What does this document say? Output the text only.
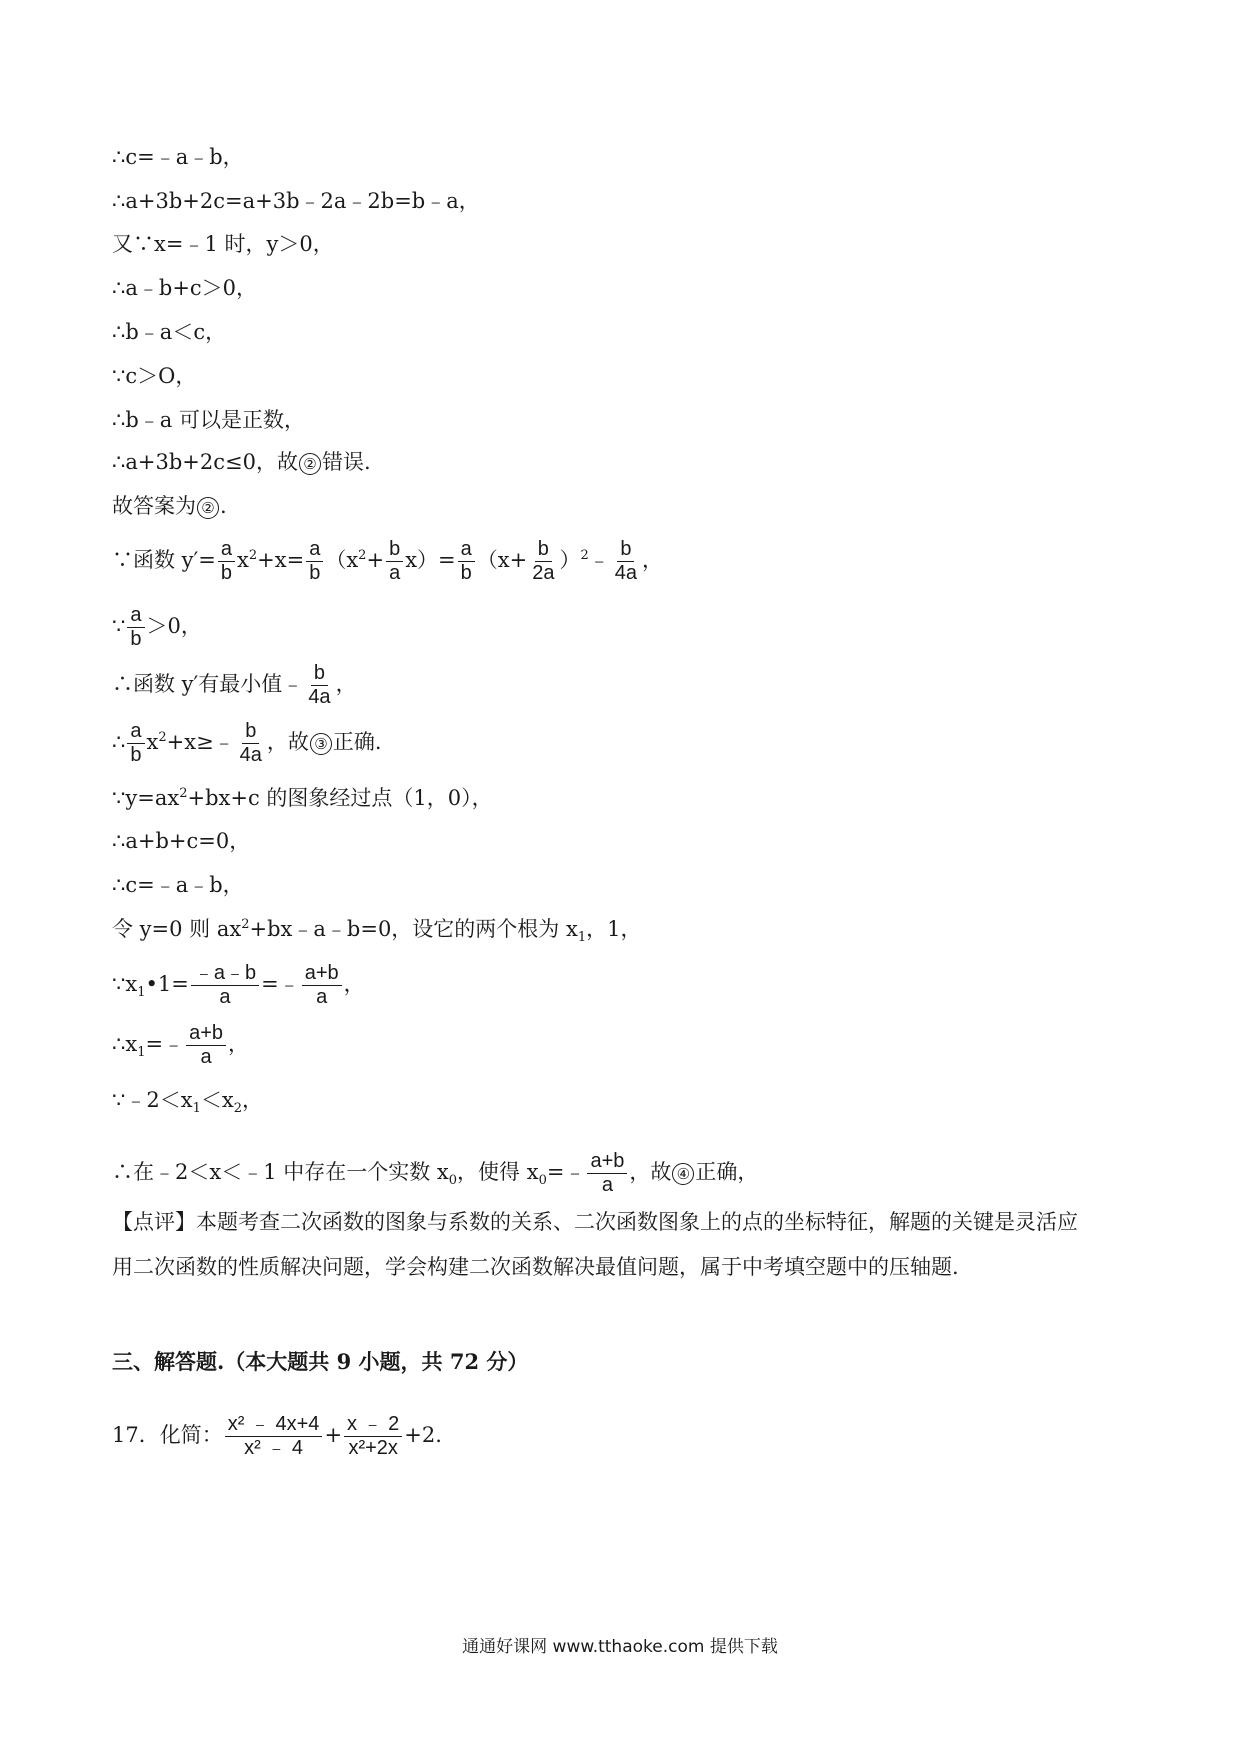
∴c=﹣a﹣b，
∴a+3b+2c=a+3b﹣2a﹣2b=b﹣a，
又∵x=﹣1 时，y＞0，
∴a﹣b+c＞0，
∴b﹣a＜c，
∵c＞O，
∴b﹣a 可以是正数，
∴a+3b+2c≤0，故 ② 错误.
故答案为 ② .
∵函数 $y'= \frac{a}{b} x^2+x= \frac{a}{b} (x^2+ \frac{b}{a} x)= \frac{a}{b} (x+ \frac{b}{2a}$ ）$^2﹣ \frac{b}{4a}$ ，
∵ $\frac{a}{b} >0$，
∴函数 y′有最小值﹣ $\frac{b}{4a}$ ，
∴ $\frac{a}{b}$ $x^2+x\ge﹣ \frac{b}{4a}$ ，故 ③ 正确.
$\because y=ax^2+bx+c$ 的图象经过点（1，0），
∴a+b+c=0，
∴c=﹣a﹣b，
令 y=0 则 $ax^2+bx﹣a﹣b=0$，设它的两个根为 $x_1$，1，
$\because x_1•1= \frac{﹣a﹣b}{a}$ =﹣ $\frac{a+b}{a}$ ，
$\therefore x_1=﹣ \frac{a+b}{a}$ ，
$\because﹣2<x_1<x_2$，
∴在﹣2＜x＜﹣1 中存在一个实数 $x_0$，使得 $x_0=﹣ \frac{a+b}{a}$ ，故 ④ 正确，
【点评】本题考查二次函数的图象与系数的关系、二次函数图象上的点的坐标特征，解题的关键是灵活应
用二次函数的性质解决问题，学会构建二次函数解决最值问题，属于中考填空题中的压轴题.
三、解答题.（本大题共 9 小题，共 72 分）
17．化简： $\frac{\text{x² ﹣ 4x+4}}{\text{x² ﹣ 4}} + \frac{x ﹣ 2}{\text{x²+2x}} +2$.
通通好课网 www.tthaoke.com 提供下载
